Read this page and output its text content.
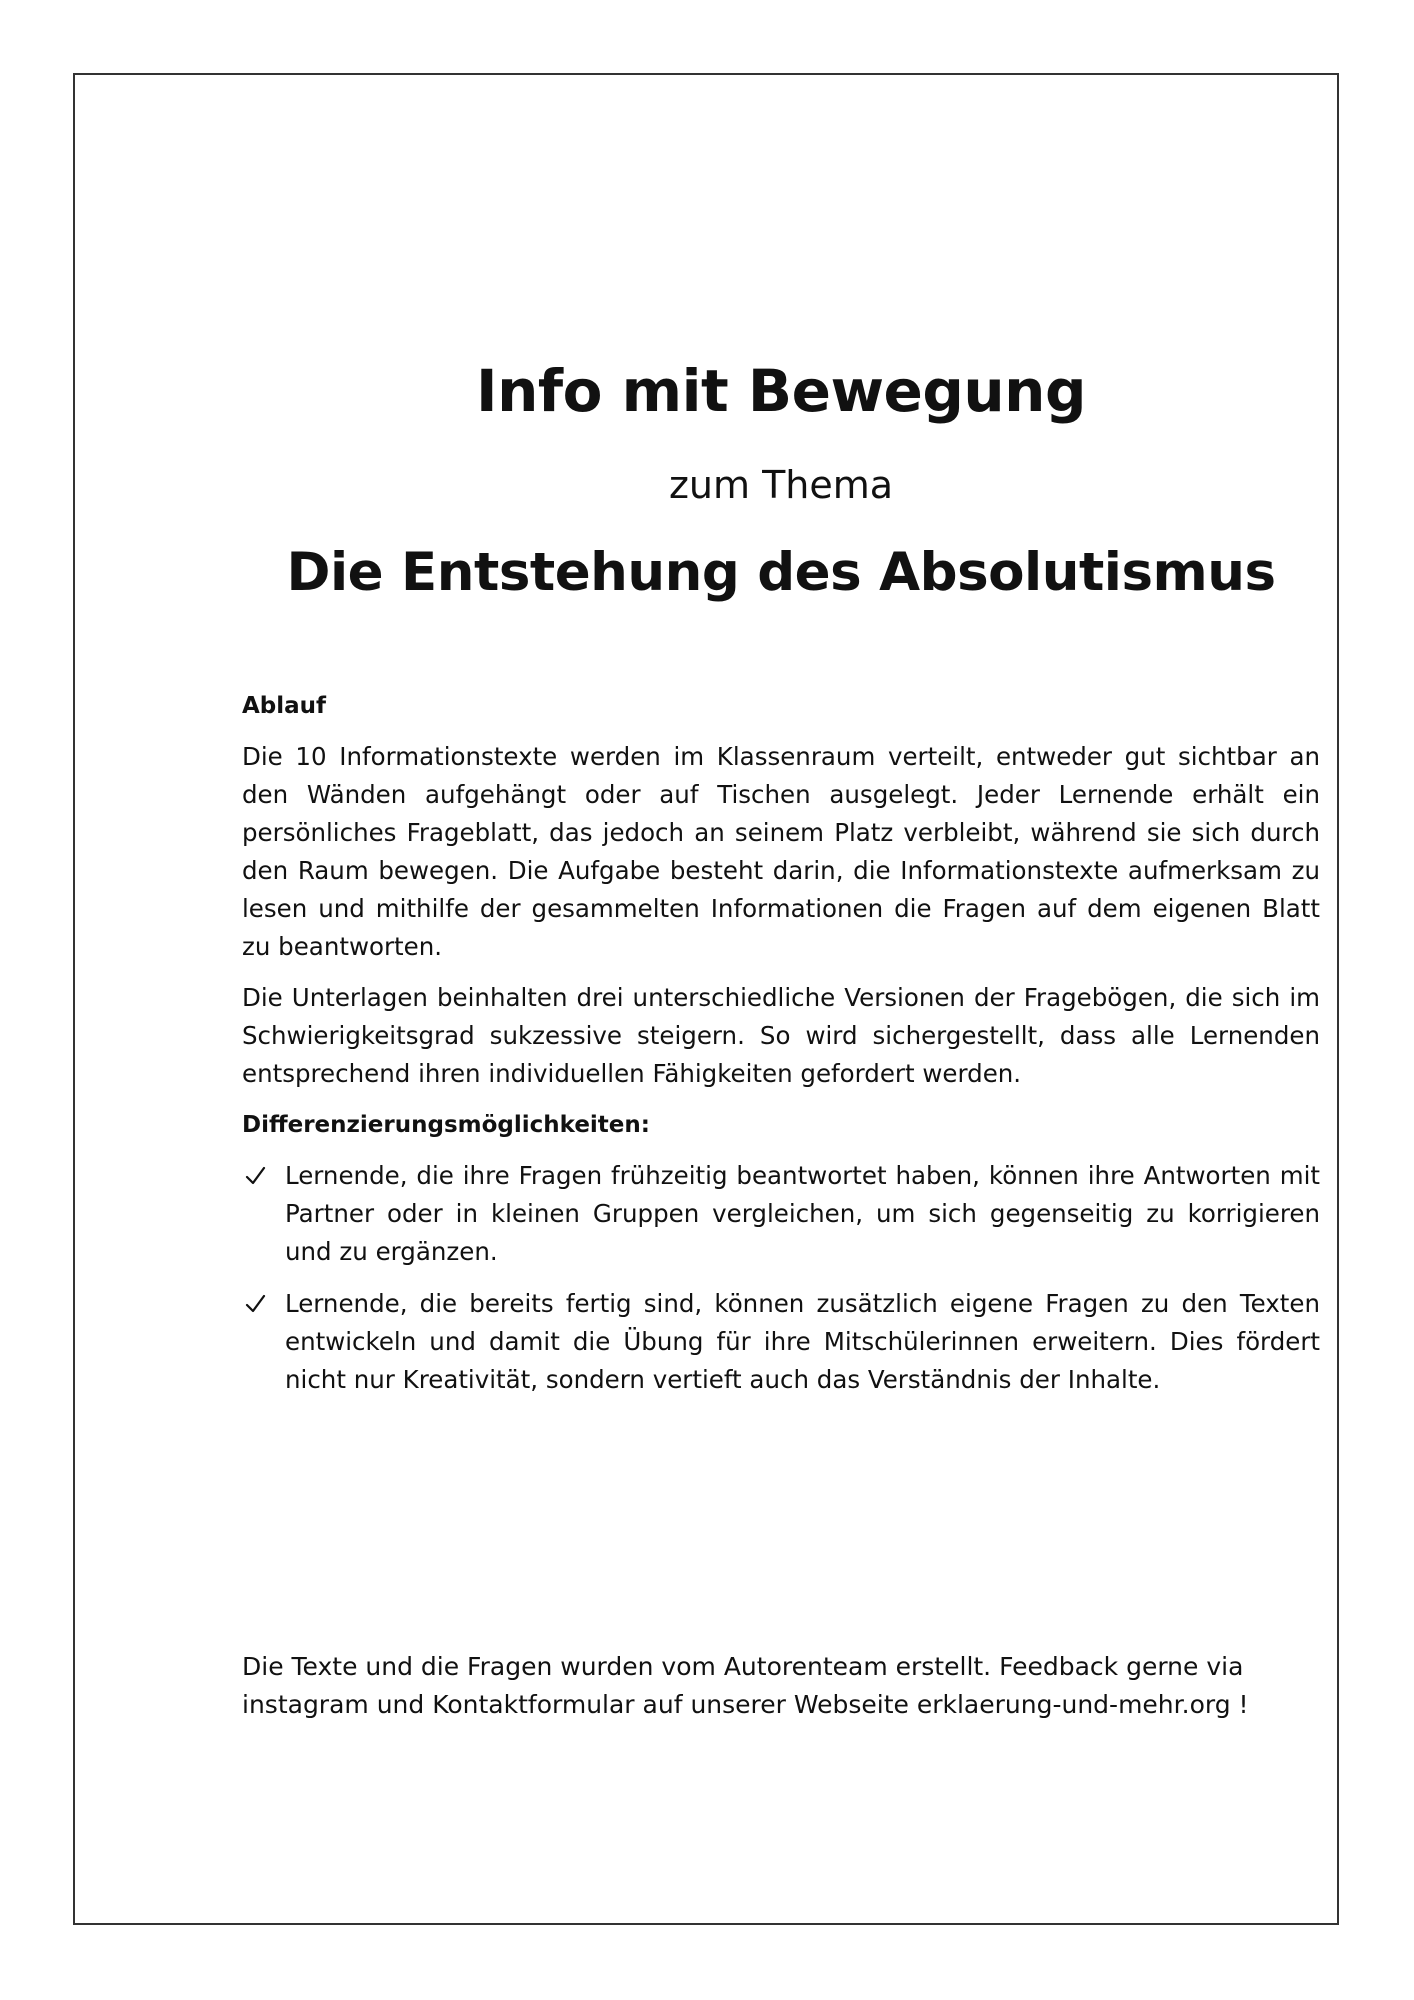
Info mit Bewegung

zum Thema

Die Entstehung des Absolutismus

Ablauf

Die 10 Informationstexte werden im Klassenraum verteilt, entweder gut sichtbar an den Wänden aufgehängt oder auf Tischen ausgelegt. Jeder Lernende erhält ein persönliches Frageblatt, das jedoch an seinem Platz verbleibt, während sie sich durch den Raum bewegen. Die Aufgabe besteht darin, die Informationstexte aufmerksam zu lesen und mithilfe der gesammelten Informationen die Fragen auf dem eigenen Blatt zu beantworten.

Die Unterlagen beinhalten drei unterschiedliche Versionen der Fragebögen, die sich im Schwierigkeitsgrad sukzessive steigern. So wird sichergestellt, dass alle Lernenden entsprechend ihren individuellen Fähigkeiten gefordert werden.

Differenzierungsmöglichkeiten:

Lernende, die ihre Fragen frühzeitig beantwortet haben, können ihre Antworten mit Partner oder in kleinen Gruppen vergleichen, um sich gegenseitig zu korrigieren und zu ergänzen.
Lernende, die bereits fertig sind, können zusätzlich eigene Fragen zu den Texten entwickeln und damit die Übung für ihre Mitschülerinnen erweitern. Dies fördert nicht nur Kreativität, sondern vertieft auch das Verständnis der Inhalte.

Die Texte und die Fragen wurden vom Autorenteam erstellt. Feedback gerne via

instagram und Kontaktformular auf unserer Webseite erklaerung-und-mehr.org !
